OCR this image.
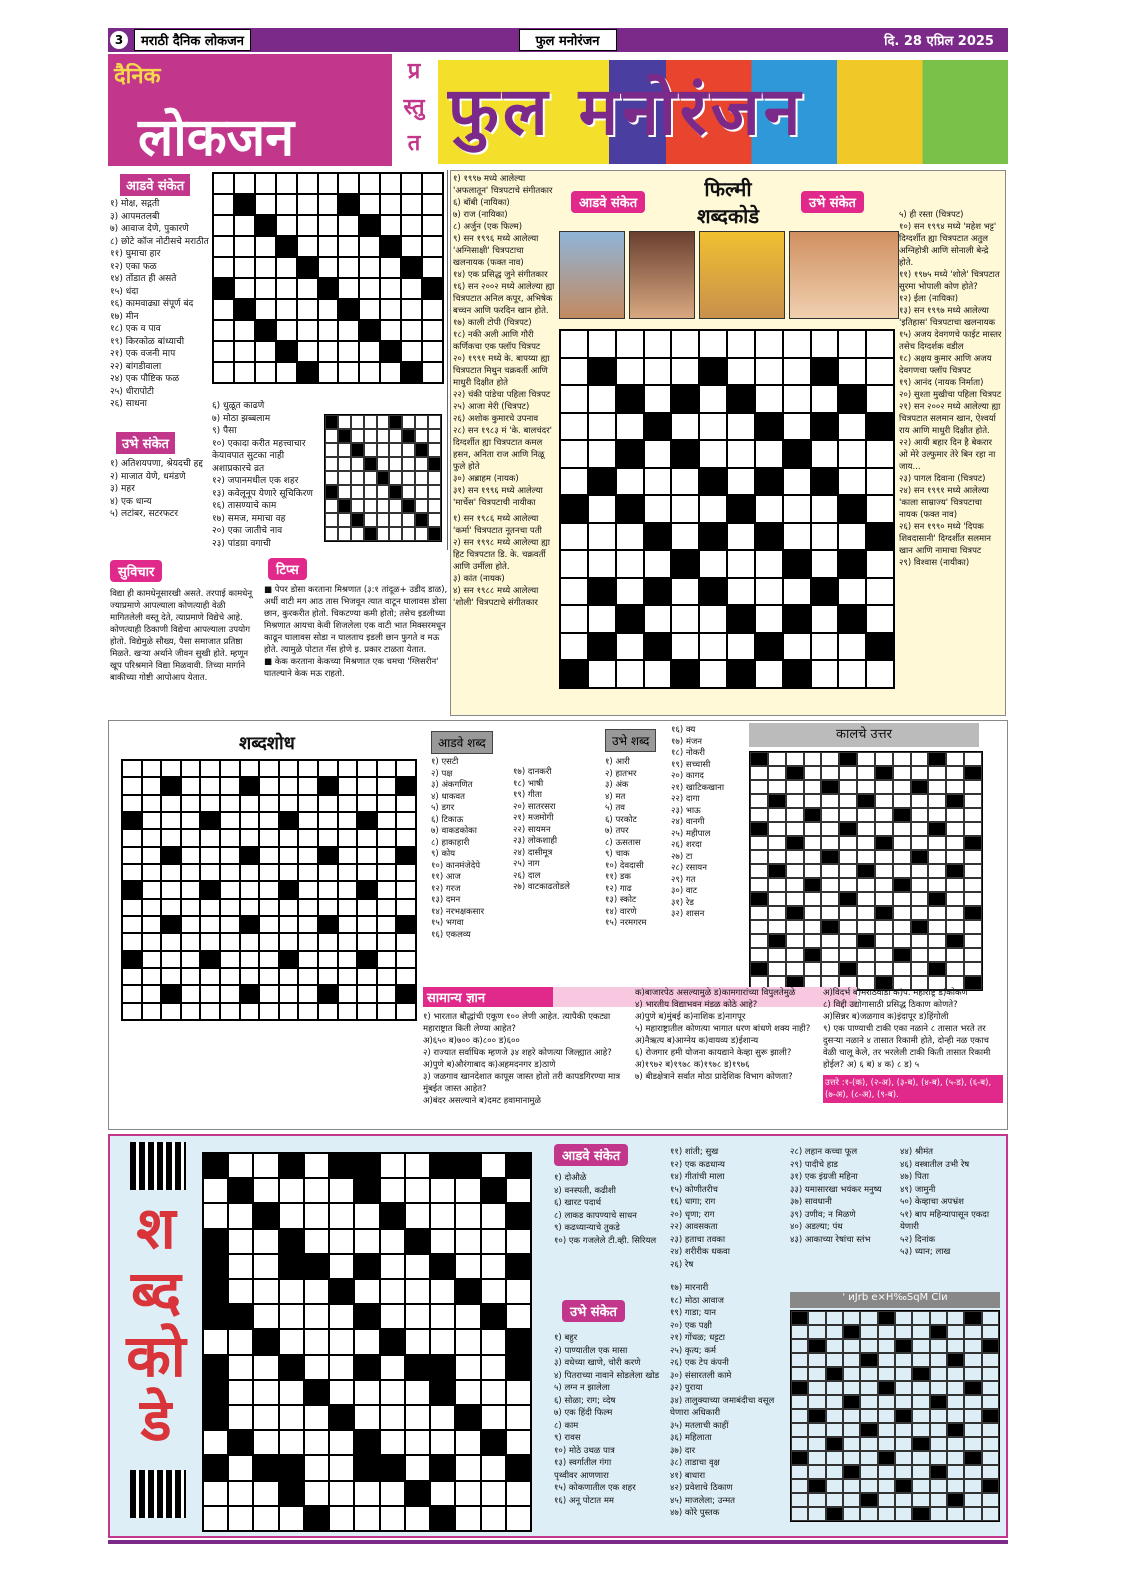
3	मराठी दैनिक लोकजन	फुल मनोरंजन	दि. 28 एप्रिल 2025
दैनिक
लोकजन
प्र
स्तु
त फुल मनोरंजन
आडवे संकेत
१) मोक्ष, सद्गती
३) आपमतलबी
७) आवाज देणे, पुकारणे
८) छोटे कॉज नोटीसचे मराठीत
११) घुमाचा हार
१२) एका फळ
१४) तोंडात ही असते
१५) धंदा
१६) कामवाढ्या संपूर्ण बंद
१७) मीन
१८) एक व पाव
१९) किरकोळ बांध्याची
२१) एक वजनी माप
२२) बांगडीवाला
२४) एक पौष्टिक फळ
२५) धीरापोटी
२६) साधना
उभे संकेत
१) अतिशयपणा, श्रेयदची हद्द
२) माजात येणे, धमंडणे
३) महर
४) एक धान्य
५) लटांबर, सटरफटर
६) धुळूत काढणे
७) मोठा झब्बलाम
९) पैसा
१०) एकादा करीत महत्त्वाचार केयावपात सुटका नाही अशाप्रकारचे व्रत
१२) जपानमधील एक शहर
१३) कवेलूनूप येणारे सूचिकिरण
१६) तासण्याचे काम
१७) समज, ममाचा वह
२०) एका जातीचे नाव
२३) पांडय़ा वगाची
सुविचार
विद्या ही कामधेनूसारखी असते. तरपाई कामधेनू ज्याप्रमाणे आपल्याला कोणत्याही वेळी मागितलेली वस्तू देते, त्याप्रमाणे विद्येचे आहे. कोणत्याही ठिकाणी विद्येचा आपल्याला उपयोग होतो. विद्येमुळे सौख्य, पैसा समाजात प्रतिष्ठा मिळते. खऱ्या अर्थाने जीवन सुखी होते. म्हणून खूप परिश्रमाने विद्या मिळवावी. तिच्या मार्गाने बाकीच्या गोष्टी आपोआप येतात.
टिप्स
■ पेपर डोसा करताना मिश्रणात (३:१ तांदूळ+ उडीद डाळ), अर्धी वाटी मग आठ तास भिजवून त्यात वाटून घालावस डोसा छान, कुरकरीत होतो. चिकटण्या कमी होतो; तसेच इडलीच्या मिश्रणात आयचा केवी शिजलेला एक वाटी भात मिक्सरमधून काढून घालावस सोडा न घालताच इडली छान फुगते व मऊ होते. त्यामुळे पोटात गॅस होणे इ. प्रकार टाळता येतात.
■ केक करताना केकच्या मिश्रणात एक चमचा 'ग्लिसरीन' घातल्याने केक मऊ राहतो.
१) १९९७ मध्ये आलेल्या 'अफलातून' चित्रपटाचे संगीतकार
६) बॉबी (नायिका)
७) राज (नायिका)
८) अर्जुन (एक फिल्म)
९) सन १९९६ मध्ये आलेल्या 'अग्निसाक्षी' चित्रपटाचा खलनायक (फक्त नाव)
१४) एक प्रसिद्ध जुने संगीतकार
१६) सन २००२ मध्ये आलेल्या ह्या चित्रपटात अनिल कपूर, अभिषेक बच्चन आणि फरदिन खान होते.
१७) काली टोपी (चित्रपट)
१८) नकी अली आणि गौरी कर्णिकचा एक फ्लॉप चित्रपट
२०) १९९१ मध्ये के. बापय्या ह्या चित्रपटात मिथुन चक्रवर्ती आणि माधुरी दिक्षीत होते
२२) चंकी पांडेचा पहिला चित्रपट
२५) आजा मेरी (चित्रपट)
२६) अशोक कुमारचे उपनाव
२८) सन १९८३ मं 'के. बालचंदर' दिग्दर्शीत ह्या चित्रपटात कमल हसन, अनिता राज आणि निळू फुले होते
३०) अब्राहम (नायक)
३१) सन १९९६ मध्ये आलेल्या 'मार्चेस' चित्रपटाची नायीका
१) सन १९८६ मध्ये आलेल्या 'कर्मा' चित्रपटात नूतनचा पती
२) सन १९९८ मध्ये आलेल्या ह्या हिट चित्रपटात डि. के. चक्रवर्ती आणि उर्मीला होते.
३) कांत (नायक)
४) सन १९८८ मध्ये आलेल्या 'शोली' चित्रपटाचे संगीतकार
आडवे संकेत
फिल्मी शब्दकोडे
उभे संकेत
५) ही रस्ता (चित्रपट)
१०) सन १९९४ मध्ये 'महेश भट्ट' दिग्दर्शीत ह्या चित्रपटात अतुल अग्निहोत्री आणि सोनाली बेन्द्रे होते.
११) १९७५ मध्ये 'शोले' चित्रपटात सुरमा भोपाली कोण होते?
१२) ईला (नायिका)
१३) सन १९९७ मध्ये आलेल्या 'इतिहास' चित्रपटाचा खलनायक
१५) अजय देवगणचे फाईट मास्तर तसेच दिग्दर्शक वडील
१८) अक्षय कुमार आणि अजय देवगणचा फ्लॉप चित्रपट
१९) आनंद (नायक निर्माता)
२०) सुश्ता मुखीचा पहिला चित्रपट
२१) सन २००२ मध्ये आलेल्या ह्या चित्रपटात सलमान खान, ऐश्वर्या राय आणि माधुरी दिक्षीत होते.
२२) आयी बहार दिन है बेकरार ओ मेरे उल्फुमार तेरे बिन रहा ना जाय...
२३) पागल दिवाना (चित्रपट)
२४) सन १९९१ मध्ये आलेल्या 'काला साम्राज्य' चित्रपटाचा नायक (फक्त नाव)
२६) सन १९९० मध्ये 'दिपक शिवदासानी' दिग्दर्शीत सलमान खान आणि नामाचा चित्रपट
२९) विश्वास (नायीका)
शब्दशोध	आडवे शब्द
१) एसटी
२) पक्ष
३) अंकगणित
४) धाकवत
५) डगर
६) टिकाऊ
७) वाकडकोका
८) हाकाहारी
९) कोय
१०) कानमंजेदेपे
११) आज
१२) गरज
१३) दमन
१४) नरभक्षकसार
१५) भगवा
१६) एकलव्य
१७) दानकरी
१८) भाषी
१९) गीता
२०) सातरसरा
२१) मजमोगी
२२) सायमन
२३) लोकशाही
२४) दासीमूत्र
२५) नाग
२६) दाल
२७) वाटकाढतोडले
उभे शब्द
१) आरी
२) हातभर
३) अंक
४) मत
५) तव
६) परकोट
७) तपर
८) ऊसतास
९) चाक
१०) देवदासी
११) डक
१२) गाढ
१३) स्कोट
१४) वारणे
१५) नरमगरम
१६) क्य
१७) मंजन
१८) नोकरी
१९) सच्चासी
२०) कागद
२१) खाटिकखाना
२२) दागा
२३) भाऊ
२४) वानगी
२५) महीपाल
२६) शरदा
२७) टा
२८) रसायन
२९) गत
३०) वाट
३१) रेड
३२) शासन
कालचे उत्तर
सामान्य ज्ञान
१) भारतात बौद्धांची एकूण १०० लेणी आहेत. त्यापैकी एकट्या महाराष्ट्रात किती लेण्या आहेत?
अ)६५० ब)७०० क)८०० ड)६००
२) राज्यात सर्वाधिक म्हणजे ३४ शहरे कोणत्या जिल्ह्यात आहे? अ)पुणे ब)औरंगाबाद क)अहमदनगर ड)ठाणे
३) जळगाव खानदेशात कापूस जास्त होतो तरी कापडगिरण्या मात्र मुंबईत जास्त आहेत?
अ)बंदर असल्याने ब)दमट हवामानामुळे
क)बाजारपेठ असल्यामुळे ड)कामगारांच्या विपुलतेमुळे
४) भारतीय विद्याभवन मंडळ कोठे आहे?
अ)पुणे ब)मुंबई क)नाशिक ड)नागपूर
५) महाराष्ट्रातील कोणत्या भागात धरण बांधणे शक्य नाही?
अ)नैऋत्य ब)आग्नेय क)वायव्य ड)ईशान्य
६) रोजगार हमी योजना कायद्याने केव्हा सुरू झाली? अ)१९७२ ब)१९७८ क)१९७८ ड)१९७६
७) बीडक्षेत्राने सर्वात मोठा प्रादेशिक विभाग कोणता?
अ)विदर्भ ब)मराठवाडा क)प. महाराष्ट्र ड)कोकण
८) विद्दी उद्योगासाठी प्रसिद्ध ठिकाण कोणते?
अ)सिन्नर ब)जळगाव क)इंदापूर ड)हिंगोली
९) एक पाण्याची टाकी एका नळाने ८ तासात भरते तर दुसऱ्या नळाने ४ तासात रिकामी होते, दोन्ही नळ एकाच वेळी चालू केले, तर भरलेली टाकी किती तासात रिकामी होईल? अ) ६ ब) ४ क) ८ ड) ५
उत्तरे :१-(क), (२-अ), (३-ब), (४-ब), (५-ड), (६-ब), (७-अ), (८-अ), (९-ब).
श
ब्द
को
डे
आडवे संकेत
१) दोऔळे
४) वनस्पती, कढीशी
६) खारट पदार्थ
८) लाकड कापण्याचे साधन
९) कढध्यान्याचे तुकडे
१०) एक गजलेले टी.व्ही. सिरियल
उभे संकेत
१) बहुर
२) पाण्यातील एक मासा
३) वधेच्या खाणे, चोरी करणे
४) पितराच्या नावाने सोडलेला खोड
५) लग्न न झालेला
६) सोळा; राग; व्देष
७) एक हिंदी फिल्म
८) काम
९) रावस
१०) मोठे उथळ पात्र
१३) स्वर्गातील गंगा
पृथ्वीवर आणणारा
१५) कोकणातील एक शहर
१६) अनू पोटात मम
११) शांती; सुख
१२) एक कढधान्य
१४) गीतांची माला
१५) कोणीतरीच
१६) धागा; राग
२०) धृणा; राग
२२) आवसकता
२३) हताचा तवका
२४) शरीरीक धकवा
२६) रेष
१७) मारनारी
१८) मोठा आवाज
१९) गाडा; यान
२०) एक पक्षी
२१) गोंधळ; धट्टटा
२५) कृत्य; कर्म
२६) एक टेप कंपनी
३०) संसारतली कामे
३२) पुराया
३४) तालुक्याच्या जमाबंदीचा वसूल घेणारा अधिकारी
३५) मतलाची काहीं
३६) महिलाता
३७) दार
३८) ताडाचा वृक्ष
४१) बाधारा
४२) प्रवेशाचे ठिकाण
४५) माजलेला; उन्मत
४७) कोरे पुस्तक
२८) लहान कच्चा फूल
२९) पादीचे हाड
३१) एक इंग्रजी महिना
३३) यमासारखा भयंकर मनुष्य
३७) सावधानी
३९) उणीव; न मिळणे
४०) अडल्या; पंथ
४३) आकाच्या रेषांचा स्तंभ
४४) श्रीमंत
४६) वस्त्रातील उभी रेष
४७) पिता
४९) जामुनी
५०) केव्हाचा अपभ्रंश
५१) बाप महिन्यापासून एकदा येणारी
५२) दिनांक
५३) ध्यान; लाख
' ᴎJrb e×H‰SqM Clᴎ
